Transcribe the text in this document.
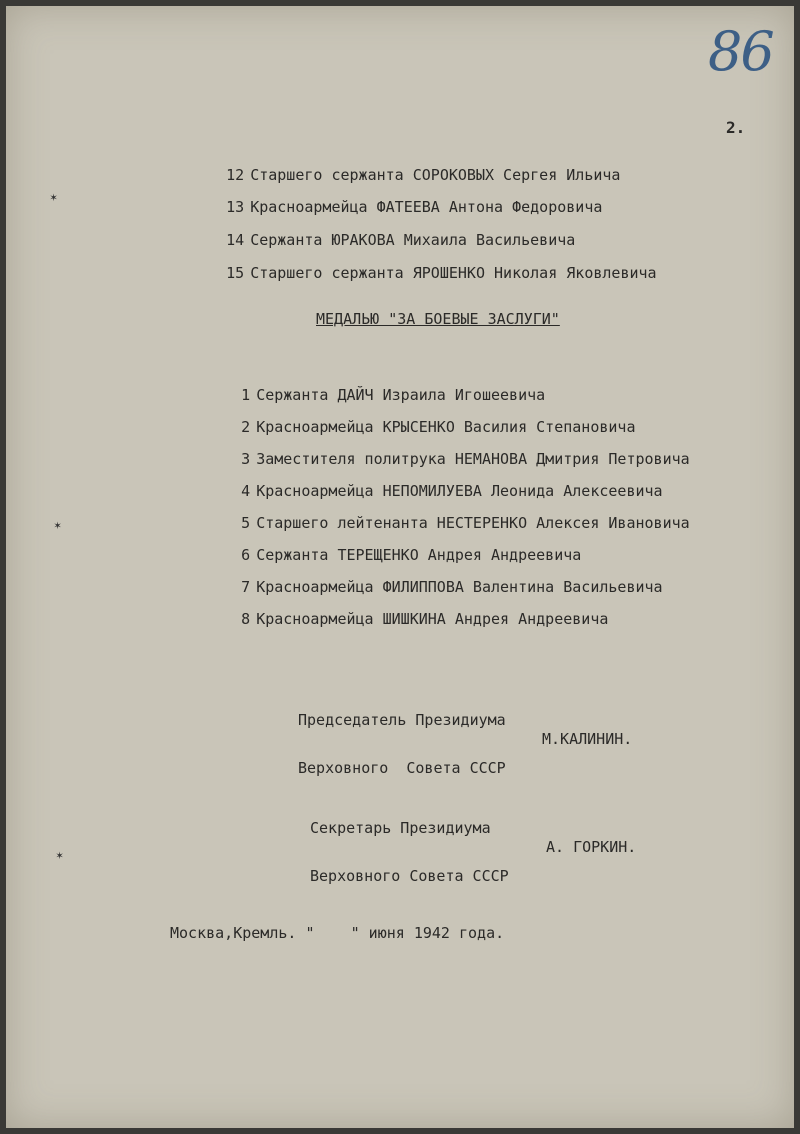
86
2.

12 Старшего сержанта СОРОКОВЫХ Сергея Ильича

13 Красноармейца ФАТЕЕВА Антона Федоровича

14 Сержанта ЮРАКОВА Михаила Васильевича

15 Старшего сержанта ЯРОШЕНКО Николая Яковлевича

МЕДАЛЬЮ "ЗА БОЕВЫЕ ЗАСЛУГИ"

1 Сержанта ДАЙЧ Израила Игошеевича

2 Красноармейца КРЫСЕНКО Василия Степановича

3 Заместителя политрука НЕМАНОВА Дмитрия Петровича

4 Красноармейца НЕПОМИЛУЕВА Леонида Алексеевича

5 Старшего лейтенанта НЕСТЕРЕНКО Алексея Ивановича

6 Сержанта ТЕРЕЩЕНКО Андрея Андреевича

7 Красноармейца ФИЛИППОВА Валентина Васильевича

8 Красноармейца ШИШКИНА Андрея Андреевича

Председатель Президиума

Верховного  Совета СССР

М.КАЛИНИН.

Секретарь Президиума

Верховного Совета СССР

А. ГОРКИН.
Москва,Кремль. "    " июня 1942 года.
✶
✶
✶
